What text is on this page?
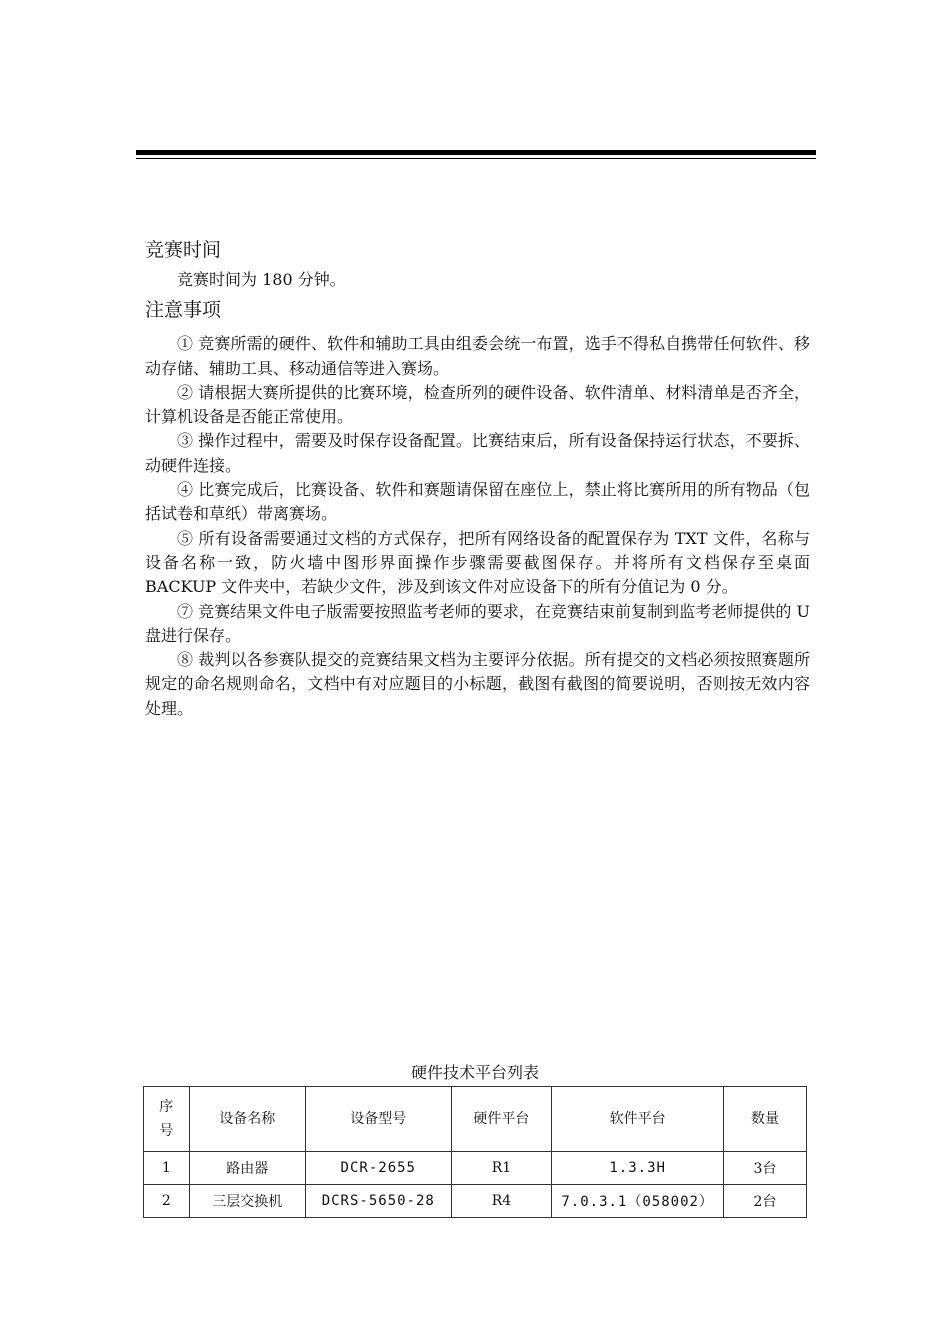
竞赛时间

竞赛时间为 180 分钟。

注意事项

① 竞赛所需的硬件、软件和辅助工具由组委会统一布置，选手不得私自携带任何软件、移动存储、辅助工具、移动通信等进入赛场。

② 请根据大赛所提供的比赛环境，检查所列的硬件设备、软件清单、材料清单是否齐全，计算机设备是否能正常使用。

③ 操作过程中，需要及时保存设备配置。比赛结束后，所有设备保持运行状态，不要拆、动硬件连接。

④ 比赛完成后，比赛设备、软件和赛题请保留在座位上，禁止将比赛所用的所有物品（包括试卷和草纸）带离赛场。

⑤ 所有设备需要通过文档的方式保存，把所有网络设备的配置保存为 TXT 文件，名称与设备名称一致，防火墙中图形界面操作步骤需要截图保存。并将所有文档保存至桌面 BACKUP 文件夹中，若缺少文件，涉及到该文件对应设备下的所有分值记为 0 分。

⑦ 竞赛结果文件电子版需要按照监考老师的要求，在竞赛结束前复制到监考老师提供的 U 盘进行保存。

⑧ 裁判以各参赛队提交的竞赛结果文档为主要评分依据。所有提交的文档必须按照赛题所规定的命名规则命名，文档中有对应题目的小标题，截图有截图的简要说明，否则按无效内容处理。

硬件技术平台列表
序号	设备名称	设备型号	硬件平台	软件平台	数量
1	路由器	DCR-2655	R1	1.3.3H	3台
2	三层交换机	DCRS-5650-28	R4	7.0.3.1（058002）	2台
